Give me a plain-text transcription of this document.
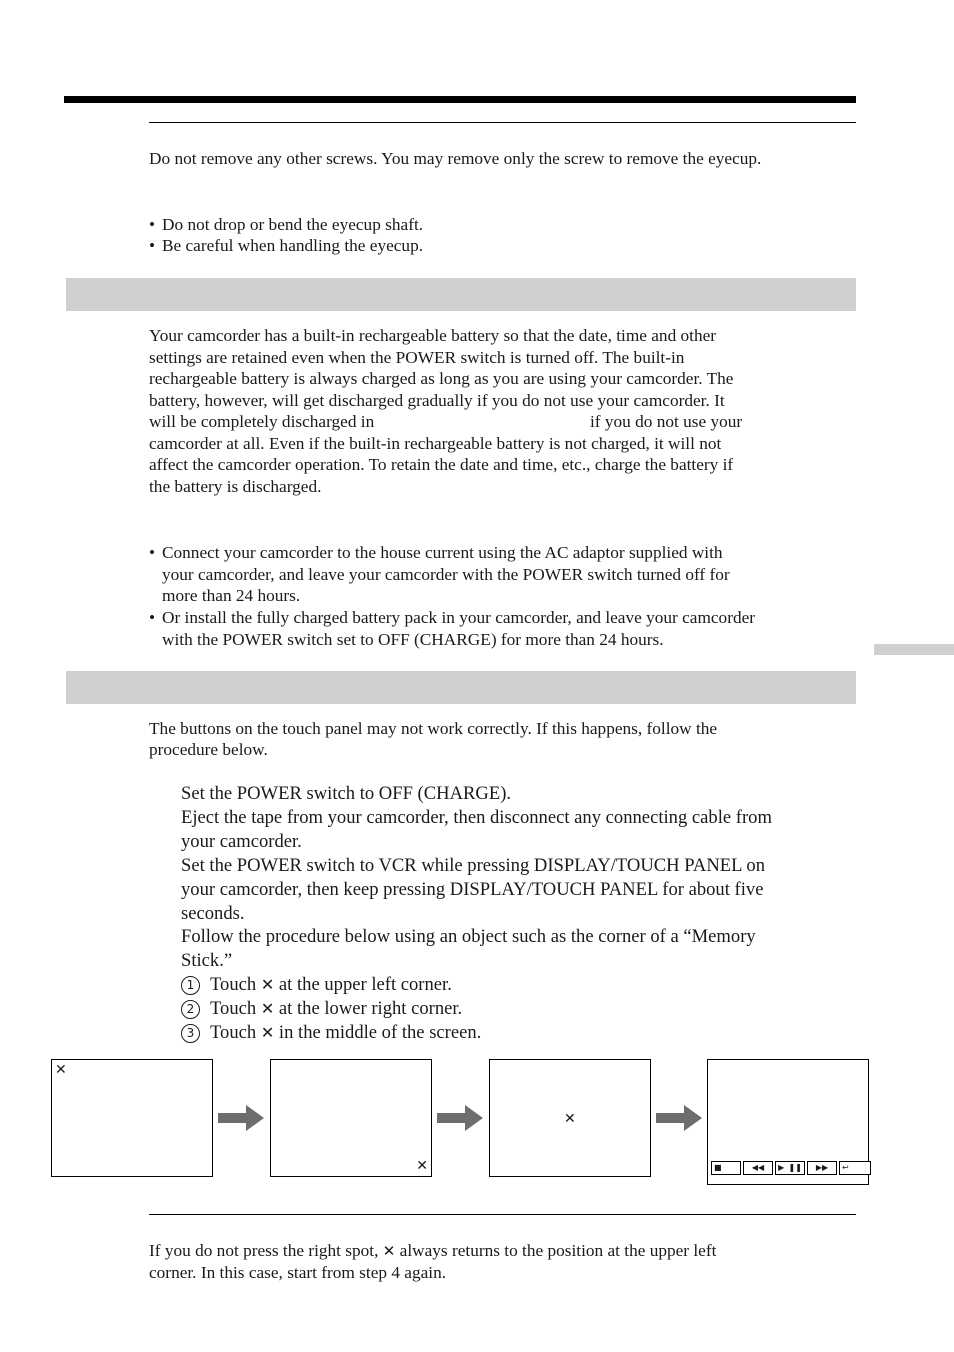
Do not remove any other screws. You may remove only the screw to remove the eyecup.
• Do not drop or bend the eyecup shaft.
• Be careful when handling the eyecup.
Your camcorder has a built-in rechargeable battery so that the date, time and other
settings are retained even when the POWER switch is turned off. The built-in
rechargeable battery is always charged as long as you are using your camcorder. The
battery, however, will get discharged gradually if you do not use your camcorder. It
will be completely discharged in	if you do not use your
camcorder at all. Even if the built-in rechargeable battery is not charged, it will not
affect the camcorder operation. To retain the date and time, etc., charge the battery if
the battery is discharged.
• Connect your camcorder to the house current using the AC adaptor supplied with
your camcorder, and leave your camcorder with the POWER switch turned off for
more than 24 hours.
• Or install the fully charged battery pack in your camcorder, and leave your camcorder
with the POWER switch set to OFF (CHARGE) for more than 24 hours.
The buttons on the touch panel may not work correctly. If this happens, follow the
procedure below.
Set the POWER switch to OFF (CHARGE).
Eject the tape from your camcorder, then disconnect any connecting cable from
your camcorder.
Set the POWER switch to VCR while pressing DISPLAY/TOUCH PANEL on
your camcorder, then keep pressing DISPLAY/TOUCH PANEL for about five
seconds.
Follow the procedure below using an object such as the corner of a “Memory
Stick.”
1 Touch ✕ at the upper left corner.
2 Touch ✕ at the lower right corner.
3 Touch ✕ in the middle of the screen.
✕
✕
✕
■	◀◀	▶ ❚❚	▶▶	↩
If you do not press the right spot, ✕ always returns to the position at the upper left
corner. In this case, start from step 4 again.
